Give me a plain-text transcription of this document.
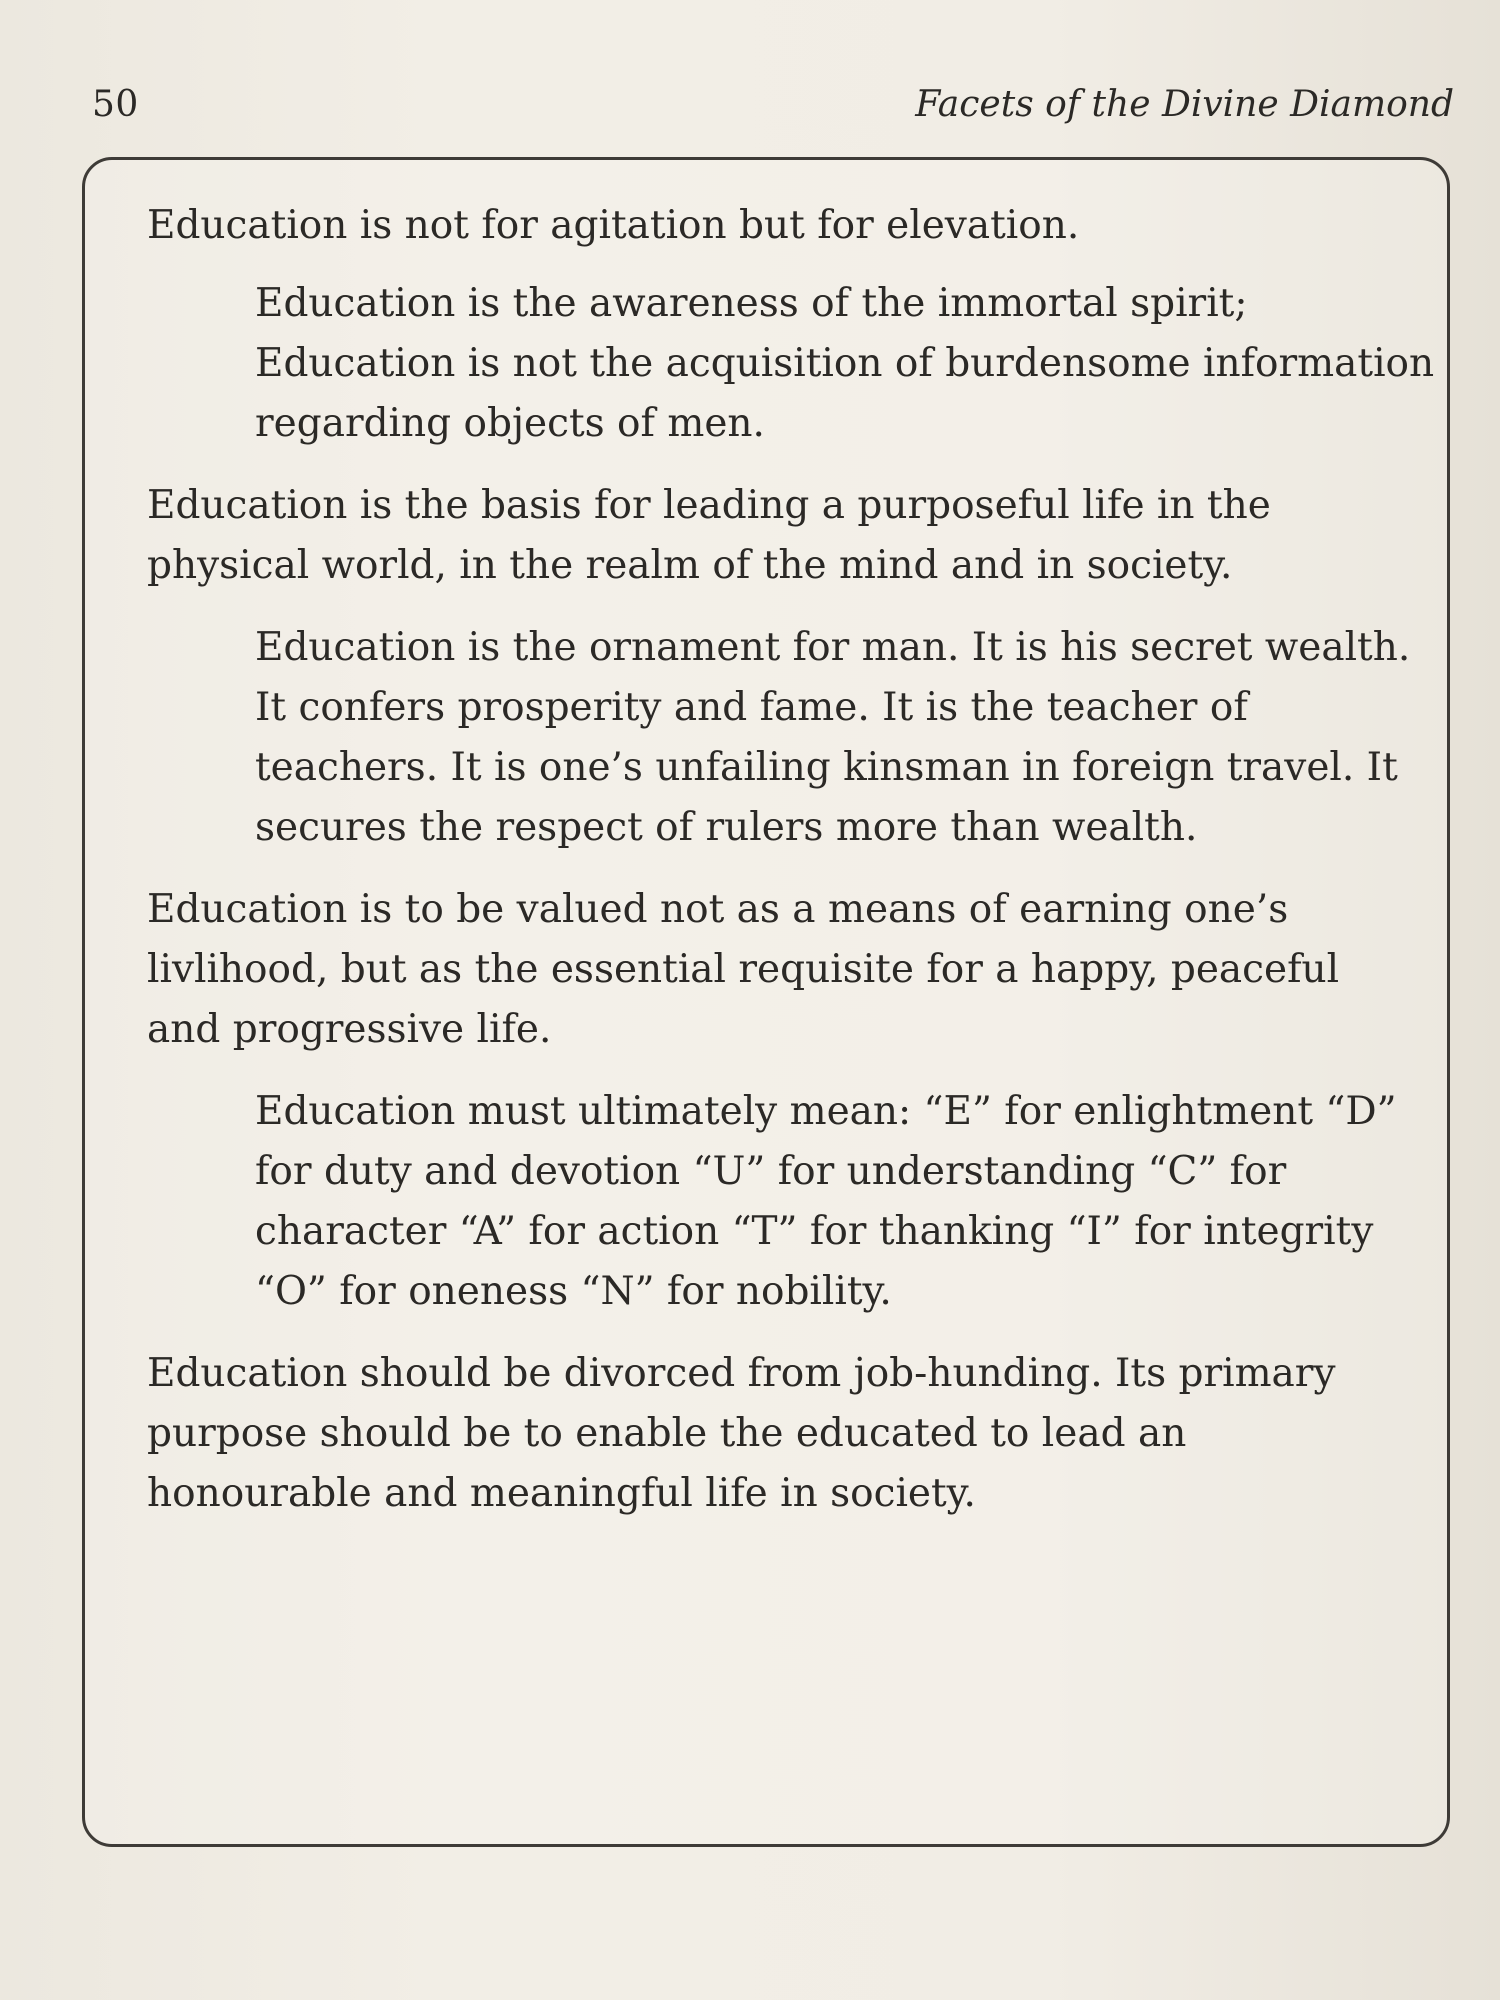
50	Facets of the Divine Diamond

Education is not for agitation but for elevation.

Education is the awareness of the immortal spirit; Education is not the acquisition of burdensome information regarding objects of men.

Education is the basis for leading a purposeful life in the physical world, in the realm of the mind and in society.

Education is the ornament for man. It is his secret wealth. It confers prosperity and fame. It is the teacher of teachers. It is one’s unfailing kinsman in foreign travel. It secures the respect of rulers more than wealth.

Education is to be valued not as a means of earning one’s livlihood, but as the essential requisite for a happy, peaceful and progressive life.

Education must ultimately mean: “E” for enlightment “D” for duty and devotion “U” for understanding “C” for character “A” for action “T” for thanking “I” for integrity “O” for oneness “N” for nobility.

Education should be divorced from job-hunding. Its primary purpose should be to enable the educated to lead an honourable and meaningful life in society.
